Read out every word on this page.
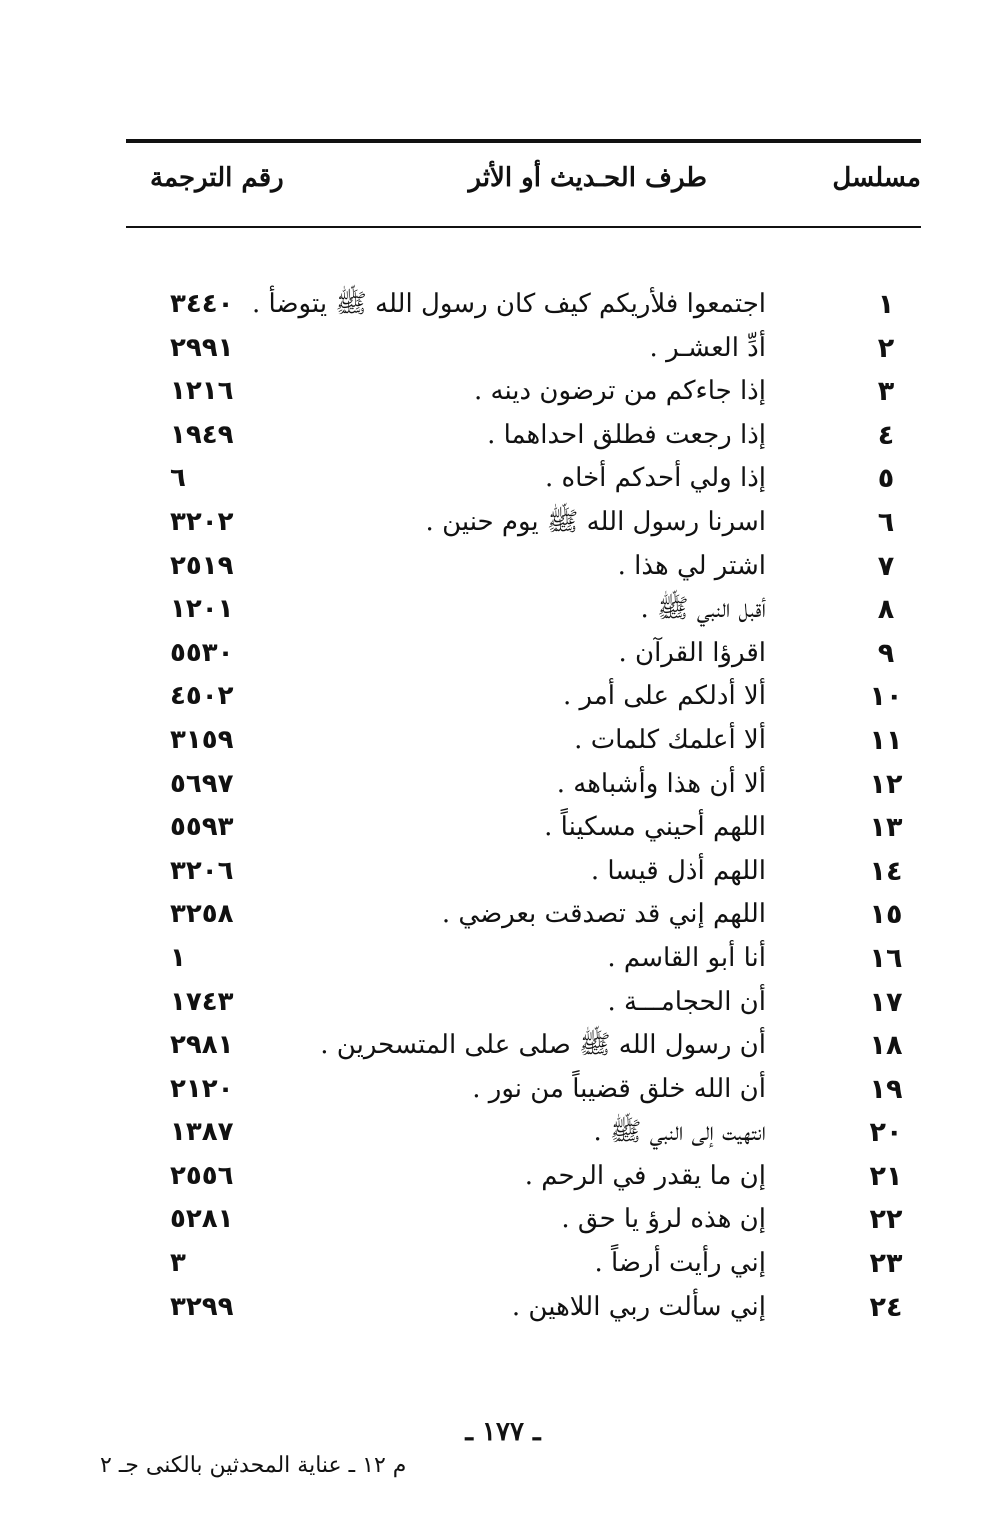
مسلسل
طرف الحـديث أو الأثر
رقم الترجمة
١
اجتمعوا فلأريكم كيف كان رسول الله ﷺ يتوضأ .
٣٤٤٠
٢
أدِّ العشـر .
٢٩٩١
٣
إذا جاءكم من ترضون دينه .
١٢١٦
٤
إذا رجعت فطلق احداهما .
١٩٤٩
٥
إذا ولي أحدكم أخاه .
٦
٦
اسرنا رسول الله ﷺ يوم حنين .
٣٢٠٢
٧
اشتر لي هذا .
٢٥١٩
٨
أقبل النبي ﷺ .
١٢٠١
٩
اقرؤا القرآن .
٥٥٣٠
١٠
ألا أدلكم على أمر .
٤٥٠٢
١١
ألا أعلمك كلمات .
٣١٥٩
١٢
ألا أن هذا وأشباهه .
٥٦٩٧
١٣
اللهم أحيني مسكيناً .
٥٥٩٣
١٤
اللهم أذل قيسا .
٣٢٠٦
١٥
اللهم إني قد تصدقت بعرضي .
٣٢٥٨
١٦
أنا أبو القاسم .
١
١٧
أن الحجامـــة .
١٧٤٣
١٨
أن رسول الله ﷺ صلى على المتسحرين .
٢٩٨١
١٩
أن الله خلق قضيباً من نور .
٢١٢٠
٢٠
انتهيت إلى النبي ﷺ .
١٣٨٧
٢١
إن ما يقدر في الرحم .
٢٥٥٦
٢٢
إن هذه لرؤ يا حق .
٥٢٨١
٢٣
إني رأيت أرضاً .
٣
٢٤
إني سألت ربي اللاهين .
٣٢٩٩
ـ ١٧٧ ـ
م ١٢ ـ عناية المحدثين بالكنى جـ ٢
